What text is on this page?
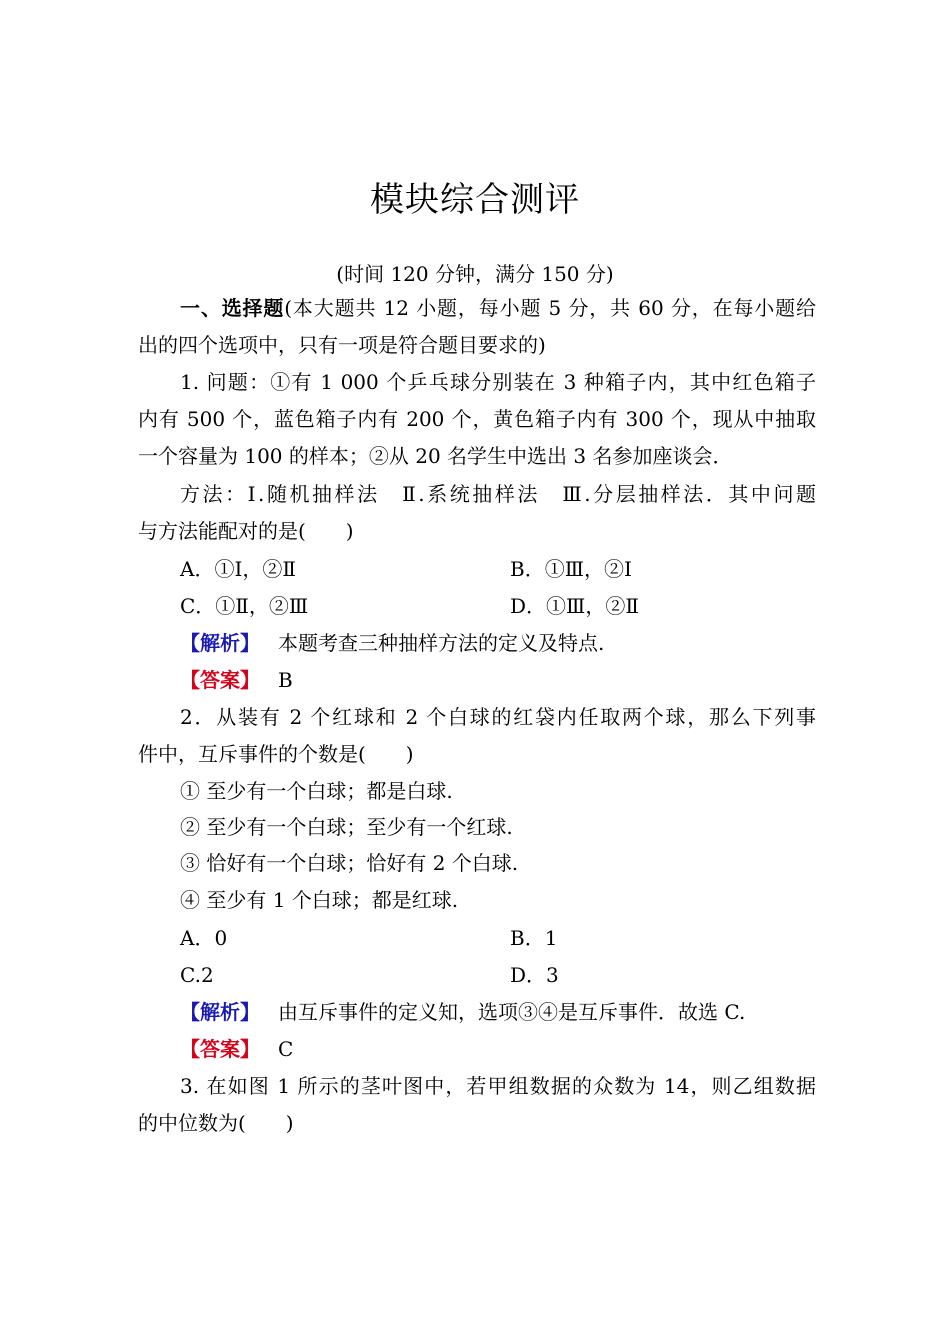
模块综合测评
(时间 120 分钟，满分 150 分)
一、选择题(本大题共 12 小题，每小题 5 分，共 60 分，在每小题给
出的四个选项中，只有一项是符合题目要求的)
1. 问题：①有 1 000 个乒乓球分别装在 3 种箱子内，其中红色箱子
内有 500 个，蓝色箱子内有 200 个，黄色箱子内有 300 个，现从中抽取
一个容量为 100 的样本；②从 20 名学生中选出 3 名参加座谈会．
方法：Ⅰ.随机抽样法　Ⅱ.系统抽样法　Ⅲ.分层抽样法．其中问题
与方法能配对的是(　　)
A．①Ⅰ，②Ⅱ	B．①Ⅲ，②Ⅰ
C．①Ⅱ，②Ⅲ	D．①Ⅲ，②Ⅱ
【解析】 本题考查三种抽样方法的定义及特点.
【答案】 B
2．从装有 2 个红球和 2 个白球的红袋内任取两个球，那么下列事
件中，互斥事件的个数是(　　)
① 至少有一个白球；都是白球.
② 至少有一个白球；至少有一个红球.
③ 恰好有一个白球；恰好有 2 个白球.
④ 至少有 1 个白球；都是红球.
A．0	B．1
C.2	D．3
【解析】 由互斥事件的定义知，选项③④是互斥事件．故选 C.
【答案】 C
3. 在如图 1 所示的茎叶图中，若甲组数据的众数为 14，则乙组数据
的中位数为(　　)
